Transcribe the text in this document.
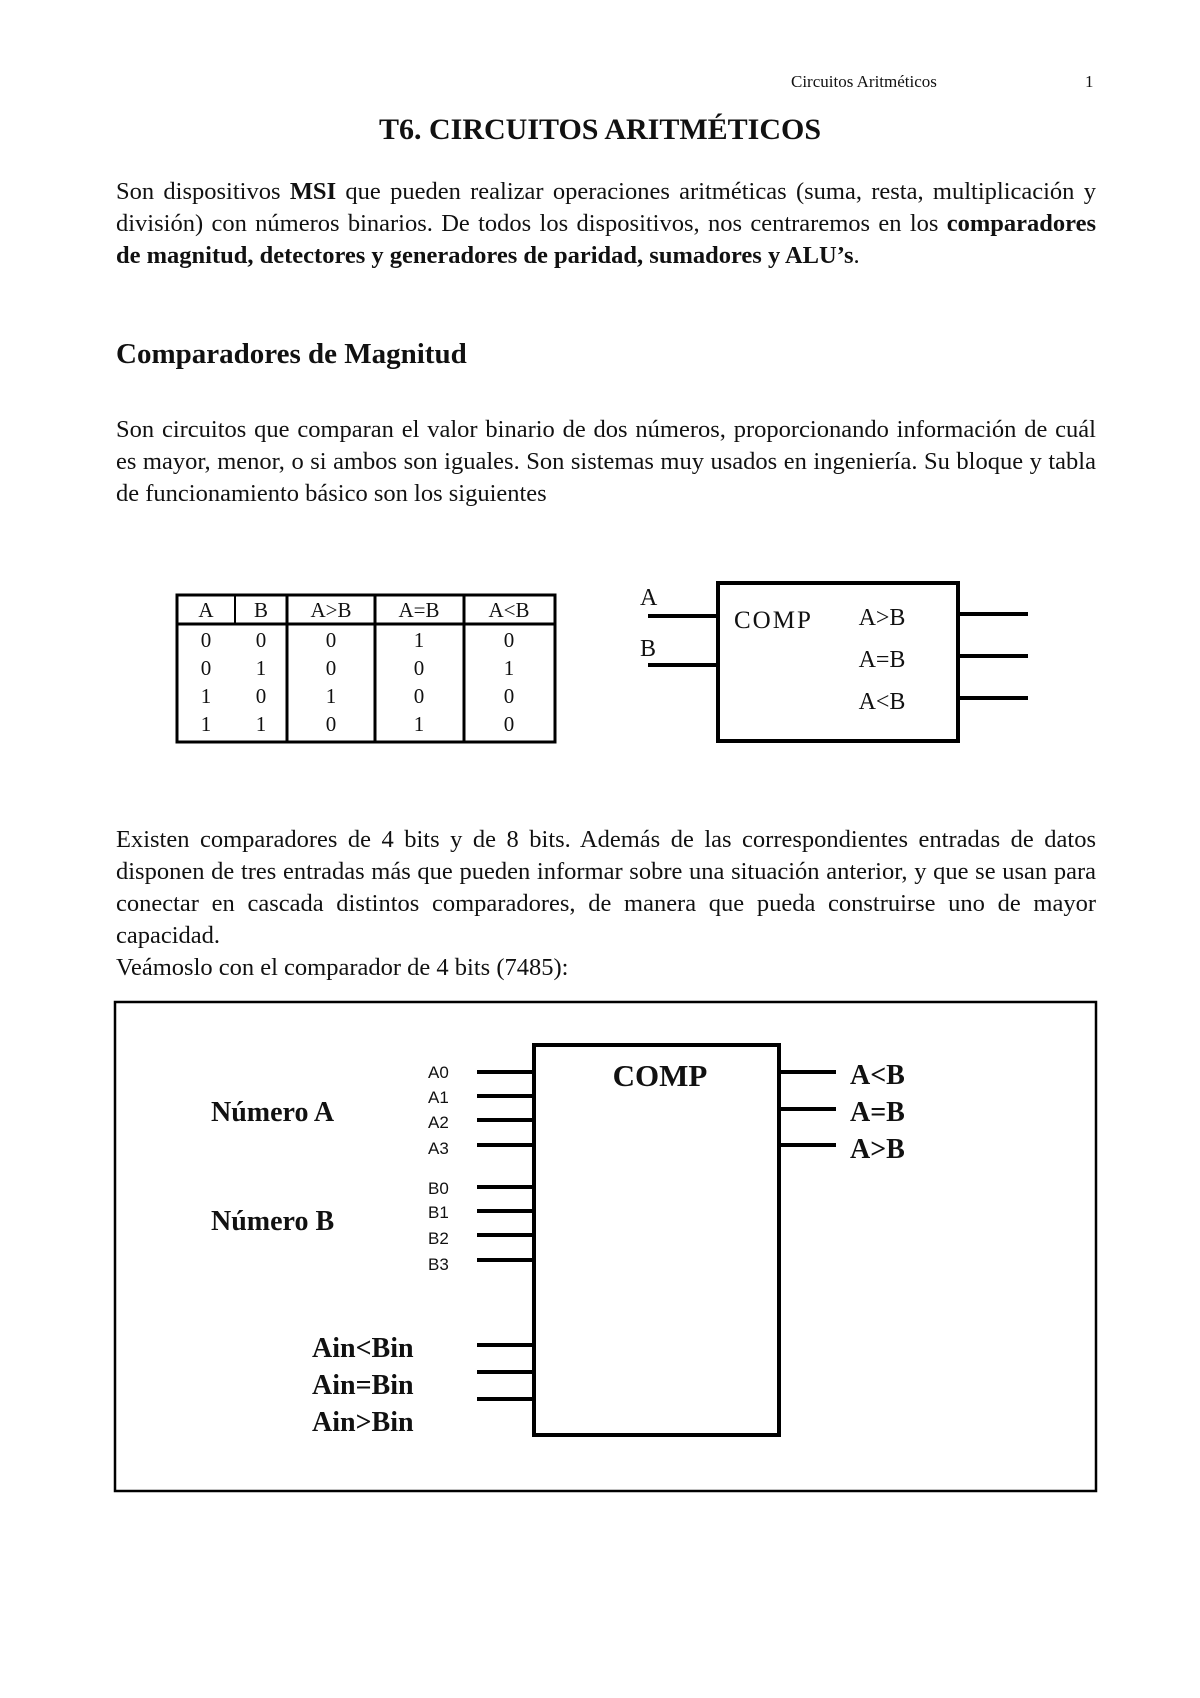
Circuitos Aritméticos	1
T6. CIRCUITOS ARITMÉTICOS

Son dispositivos MSI que pueden realizar operaciones aritméticas (suma, resta, multiplicación y división) con números binarios. De todos los dispositivos, nos centraremos en los comparadores de magnitud, detectores y generadores de paridad, sumadores y ALU’s.

Comparadores de Magnitud

Son circuitos que comparan el valor binario de dos números, proporcionando información de cuál es mayor, menor, o si ambos son iguales. Son sistemas muy usados en ingeniería. Su bloque y tabla de funcionamiento básico son los siguientes

A B A>B A=B A<B
0 0	0	1	0
0 1	0	0	1
1 0	1	0	0
1 1	0	1	0
COMP
A
B
A>B
A=B
A<B
COMP
Número A
Número B
A0
A1
A2
A3
B0
B1
B2
B3
Ain<Bin
Ain=Bin
Ain>Bin
A<B
A=B
A>B

Existen comparadores de 4 bits y de 8 bits. Además de las correspondientes entradas de datos disponen de tres entradas más que pueden informar sobre una situación anterior, y que se usan para conectar en cascada distintos comparadores, de manera que pueda construirse uno de mayor capacidad.

Veámoslo con el comparador de 4 bits (7485):
